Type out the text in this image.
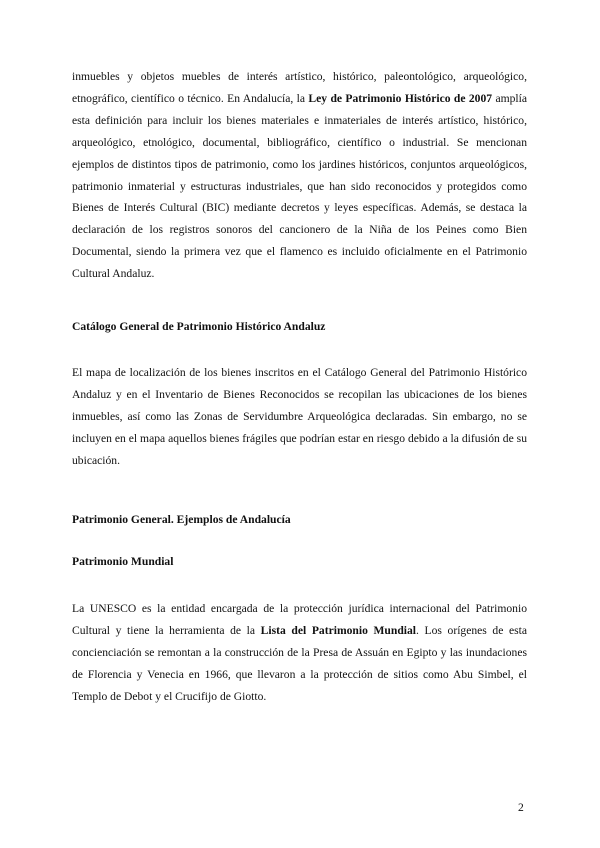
inmuebles y objetos muebles de interés artístico, histórico, paleontológico, arqueológico, etnográfico, científico o técnico. En Andalucía, la Ley de Patrimonio Histórico de 2007 amplía esta definición para incluir los bienes materiales e inmateriales de interés artístico, histórico, arqueológico, etnológico, documental, bibliográfico, científico o industrial. Se mencionan ejemplos de distintos tipos de patrimonio, como los jardines históricos, conjuntos arqueológicos, patrimonio inmaterial y estructuras industriales, que han sido reconocidos y protegidos como Bienes de Interés Cultural (BIC) mediante decretos y leyes específicas. Además, se destaca la declaración de los registros sonoros del cancionero de la Niña de los Peines como Bien Documental, siendo la primera vez que el flamenco es incluido oficialmente en el Patrimonio Cultural Andaluz.

Catálogo General de Patrimonio Histórico Andaluz

El mapa de localización de los bienes inscritos en el Catálogo General del Patrimonio Histórico Andaluz y en el Inventario de Bienes Reconocidos se recopilan las ubicaciones de los bienes inmuebles, así como las Zonas de Servidumbre Arqueológica declaradas. Sin embargo, no se incluyen en el mapa aquellos bienes frágiles que podrían estar en riesgo debido a la difusión de su ubicación.

Patrimonio General. Ejemplos de Andalucía
Patrimonio Mundial

La UNESCO es la entidad encargada de la protección jurídica internacional del Patrimonio Cultural y tiene la herramienta de la Lista del Patrimonio Mundial. Los orígenes de esta concienciación se remontan a la construcción de la Presa de Assuán en Egipto y las inundaciones de Florencia y Venecia en 1966, que llevaron a la protección de sitios como Abu Simbel, el Templo de Debot y el Crucifijo de Giotto.

2
